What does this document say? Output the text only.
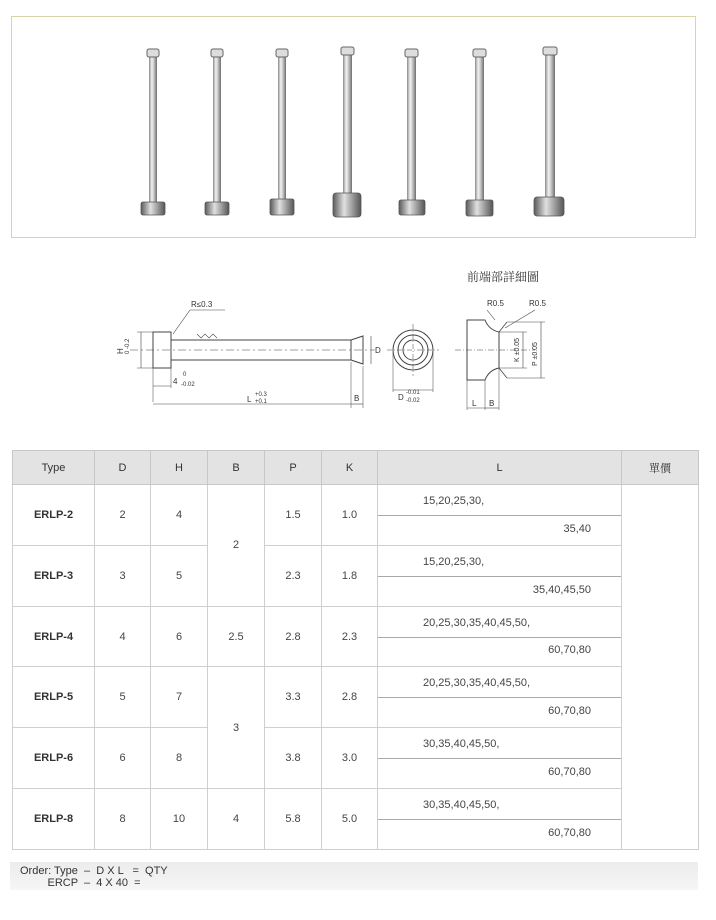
前端部詳細圖
R≤0.3
H 0 -0.2
4
0
-0.02
L +0.3
+0.1	B
D
D -0.01
-0.02
R0.5	R0.5
K ±0.05 P ±0.05
L B
Type	D	H	B	P	K	L	單價
ERLP-2	2	4	2	1.5	1.0	15,20,25,30,
35,40	

ERLP-3	3	5		2.3	1.8	15,20,25,30,
35,40,45,50	

ERLP-4	4	6	2.5	2.8	2.3	20,25,30,35,40,45,50,
60,70,80	

ERLP-5	5	7	3	3.3	2.8	20,25,30,35,40,45,50,
60,70,80	

ERLP-6	6	8		3.8	3.0	30,35,40,45,50,
60,70,80	

ERLP-8	8	10	4	5.8	5.0	30,35,40,45,50,
60,70,80	
Order: Type  –  D X L   =  QTY
ERCP  –  4 X 40  =
